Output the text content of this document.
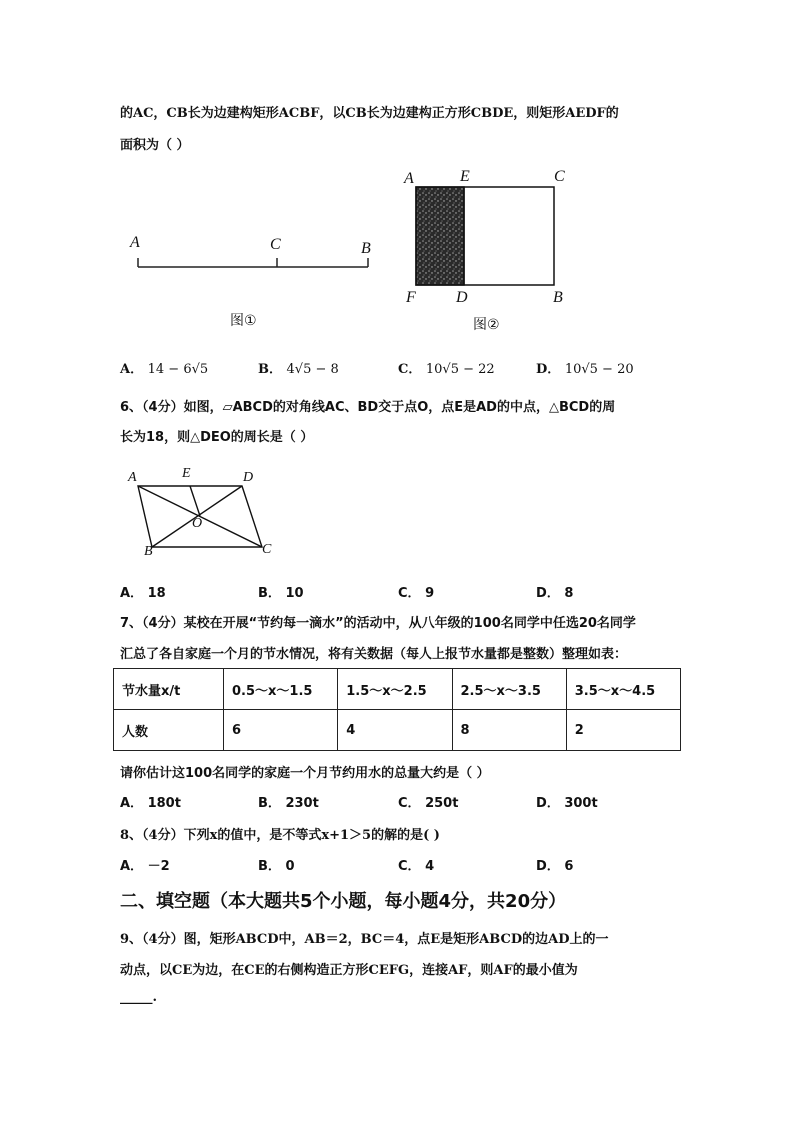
的AC，CB长为边建构矩形ACBF，以CB长为边建构正方形CBDE，则矩形AEDF的
面积为（ ）
A	C	B
图①
A	E	C
F	D	B
图②
A． 14 − 6√5	B． 4√5 − 8	C． 10√5 − 22	D． 10√5 − 20
6、（4分）如图，▱ABCD的对角线AC、BD交于点O，点E是AD的中点，△BCD的周
长为18，则△DEO的周长是（ ）
A	E	D
O
B	C
A． 18	B． 10	C． 9	D． 8
7、（4分）某校在开展“节约每一滴水”的活动中，从八年级的100名同学中任选20名同学
汇总了各自家庭一个月的节水情况，将有关数据（每人上报节水量都是整数）整理如表：
节水量x/t	0.5～x～1.5	1.5～x～2.5	2.5～x～3.5	3.5～x～4.5
人数	6	4	8	2
请你估计这100名同学的家庭一个月节约用水的总量大约是（ ）
A． 180t	B． 230t	C． 250t	D． 300t
8、（4分）下列x的值中，是不等式x+1＞5的解的是( )
A． －2	B． 0	C． 4	D． 6
二、填空题（本大题共5个小题，每小题4分，共20分）
9、（4分）图，矩形ABCD中，AB＝2，BC＝4，点E是矩形ABCD的边AD上的一
动点，以CE为边，在CE的右侧构造正方形CEFG，连接AF，则AF的最小值为
_____.
